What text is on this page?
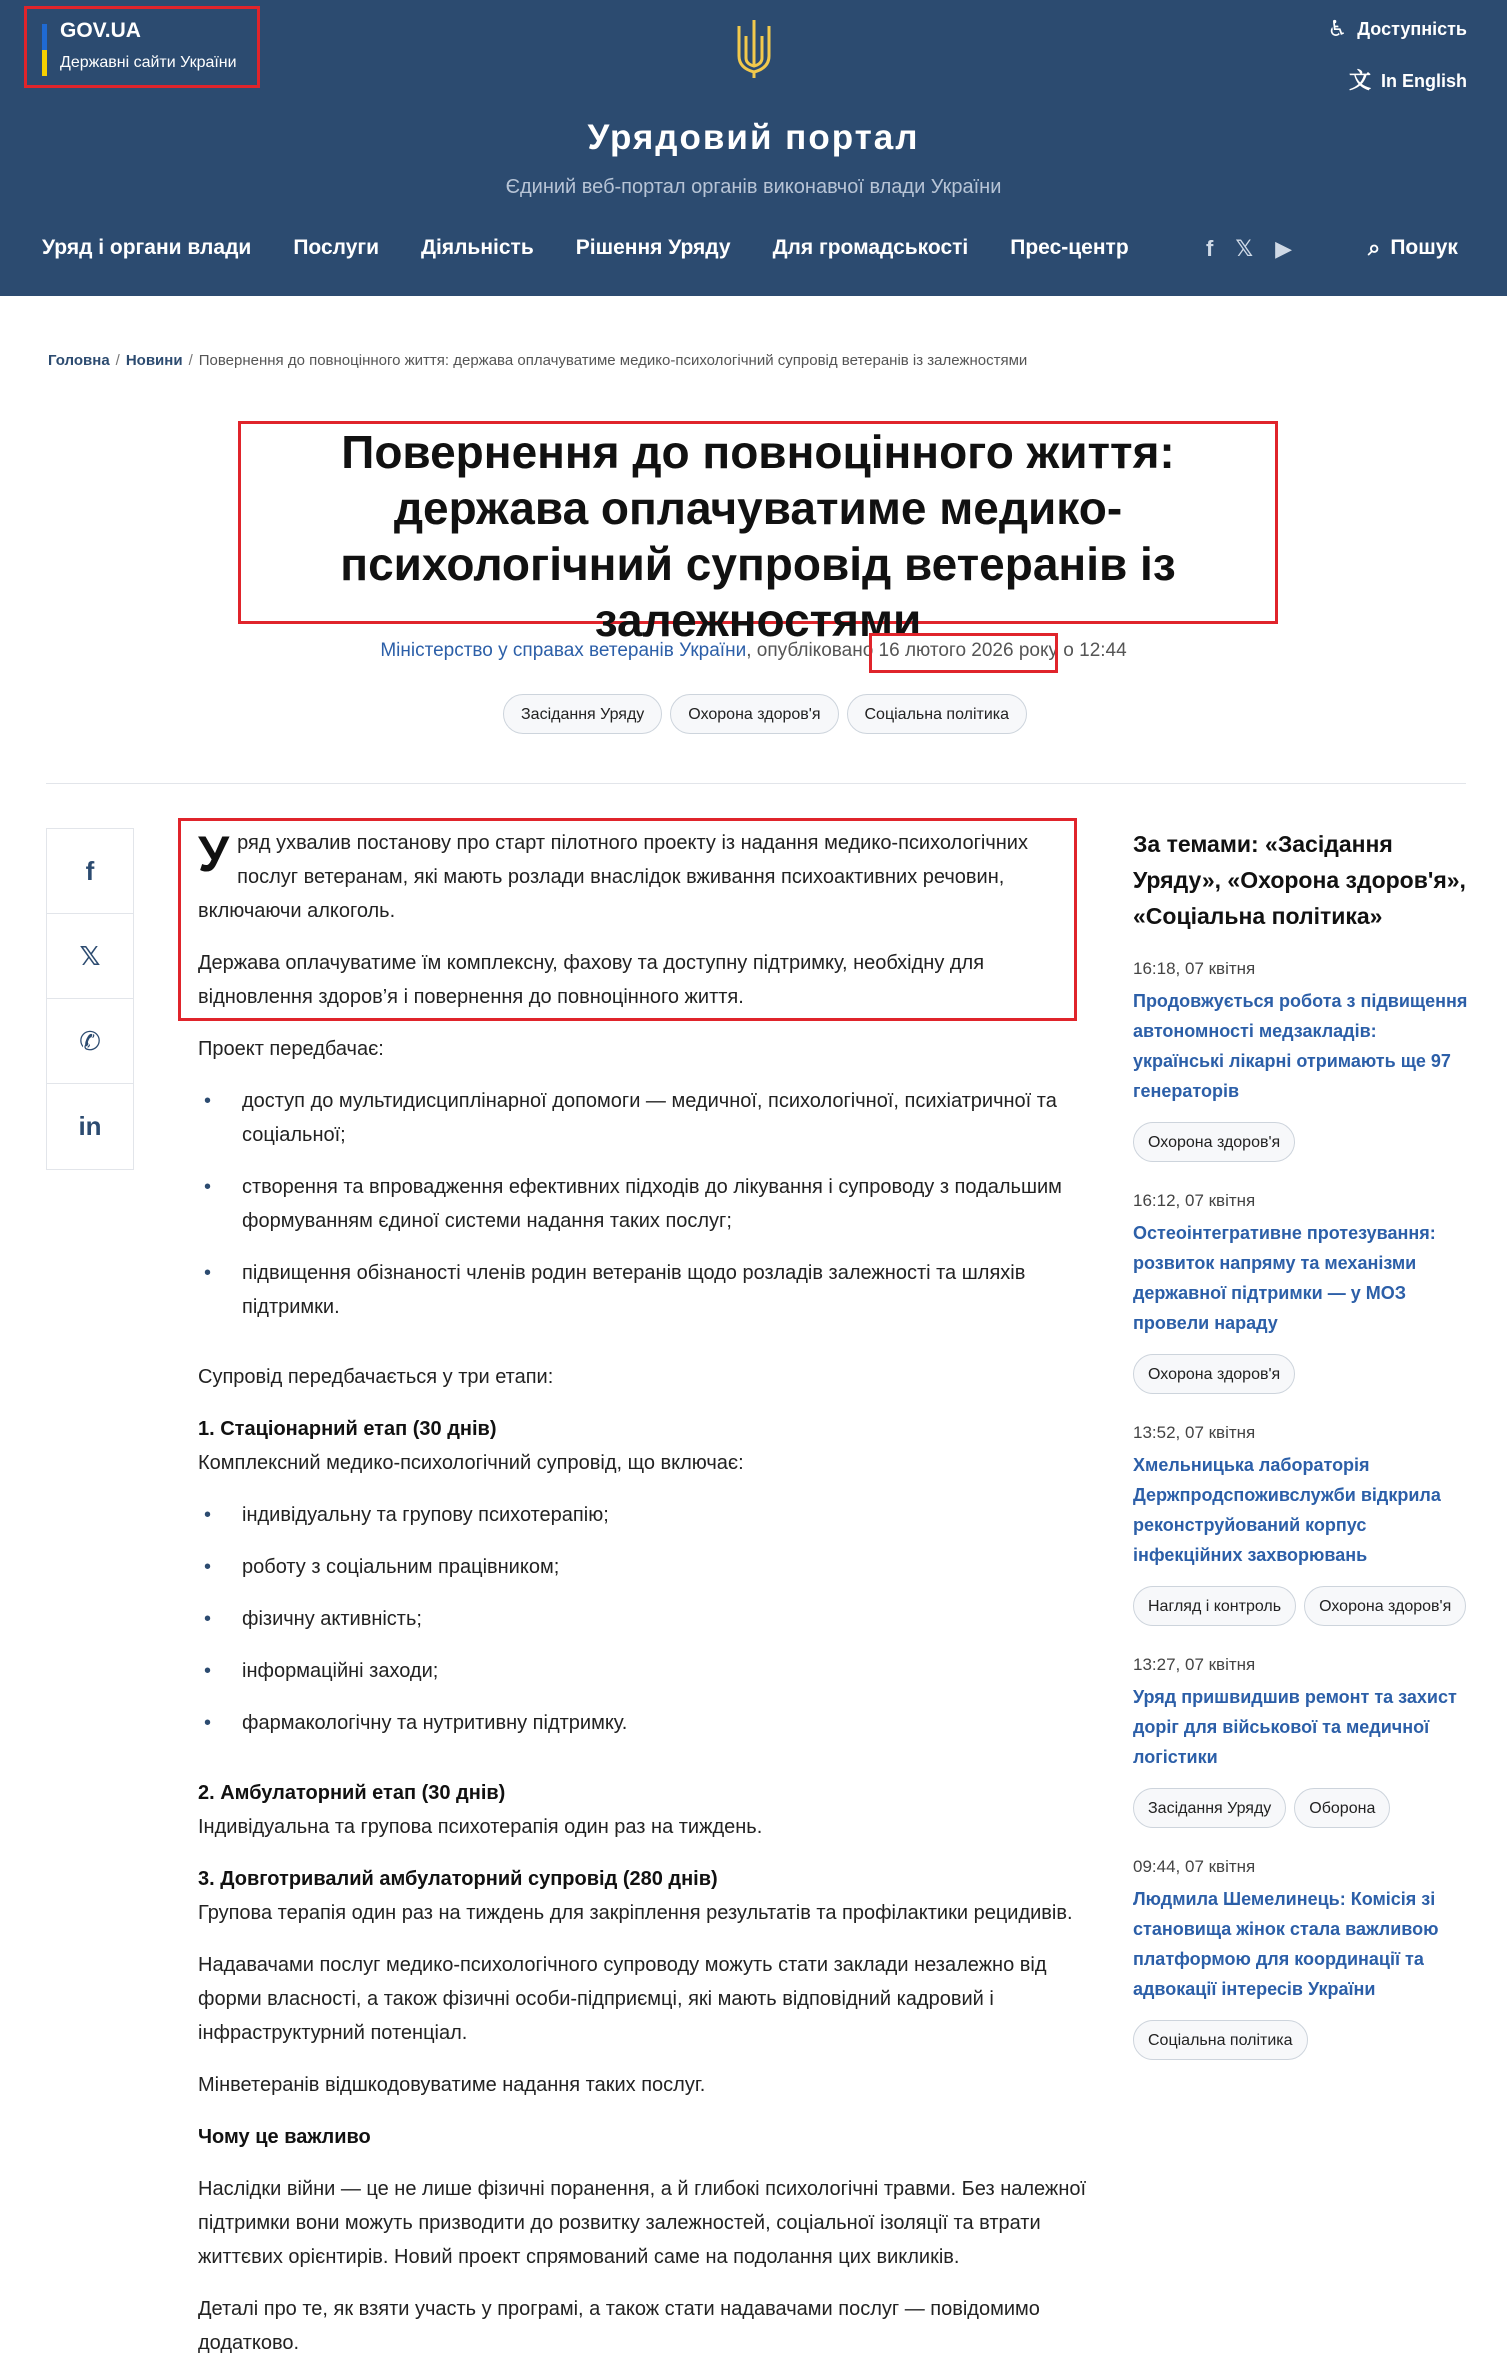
GOV.UA
Державні сайти України
♿ Доступність
文 In English
Урядовий портал
Єдиний веб-портал органів виконавчої влади України
Уряд і органи влади Послуги Діяльність Рішення Уряду Для громадськості Прес-центр	f 𝕏 ▶	⌕ Пошук
Головна / Новини / Повернення до повноцінного життя: держава оплачуватиме медико-психологічний супровід ветеранів із залежностями
Повернення до повноцінного життя: держава оплачуватиме медико-психологічний супровід ветеранів із залежностями
Міністерство у справах ветеранів України, опубліковано 16 лютого 2026 року о 12:44
Засідання Уряду	Охорона здоров'я	Соціальна політика
f
𝕏
✆
in

Уряд ухвалив постанову про старт пілотного проекту із надання медико-психологічних послуг ветеранам, які мають розлади внаслідок вживання психоактивних речовин, включаючи алкоголь.

Держава оплачуватиме їм комплексну, фахову та доступну підтримку, необхідну для відновлення здоров’я і повернення до повноцінного життя.

Проект передбачає:

• доступ до мультидисциплінарної допомоги — медичної, психологічної, психіатричної та соціальної;
• створення та впровадження ефективних підходів до лікування і супроводу з подальшим формуванням єдиної системи надання таких послуг;
• підвищення обізнаності членів родин ветеранів щодо розладів залежності та шляхів підтримки.

Супровід передбачається у три етапи:

1. Стаціонарний етап (30 днів)

Комплексний медико-психологічний супровід, що включає:

• індивідуальну та групову психотерапію;
• роботу з соціальним працівником;
• фізичну активність;
• інформаційні заходи;
• фармакологічну та нутритивну підтримку.

2. Амбулаторний етап (30 днів)

Індивідуальна та групова психотерапія один раз на тиждень.

3. Довготривалий амбулаторний супровід (280 днів)

Групова терапія один раз на тиждень для закріплення результатів та профілактики рецидивів.

Надавачами послуг медико-психологічного супроводу можуть стати заклади незалежно від форми власності, а також фізичні особи-підприємці, які мають відповідний кадровий і інфраструктурний потенціал.

Мінветеранів відшкодовуватиме надання таких послуг.

Чому це важливо

Наслідки війни — це не лише фізичні поранення, а й глибокі психологічні травми. Без належної підтримки вони можуть призводити до розвитку залежностей, соціальної ізоляції та втрати життєвих орієнтирів. Новий проект спрямований саме на подолання цих викликів.

Деталі про те, як взяти участь у програмі, а також стати надавачами послуг — повідомимо додатково.

За темами: «Засідання Уряду», «Охорона здоров'я», «Соціальна політика»
16:18, 07 квітня
Продовжується робота з підвищення автономності медзакладів: українські лікарні отримають ще 97 генераторів
Охорона здоров'я
16:12, 07 квітня
Остеоінтегративне протезування: розвиток напряму та механізми державної підтримки — у МОЗ провели нараду
Охорона здоров'я
13:52, 07 квітня
Хмельницька лабораторія Держпродспоживслужби відкрила реконструйований корпус інфекційних захворювань
Нагляд і контроль	Охорона здоров'я
13:27, 07 квітня
Уряд пришвидшив ремонт та захист доріг для військової та медичної логістики
Засідання Уряду	Оборона
09:44, 07 квітня
Людмила Шемелинець: Комісія зі становища жінок стала важливою платформою для координації та адвокації інтересів України
Соціальна політика
